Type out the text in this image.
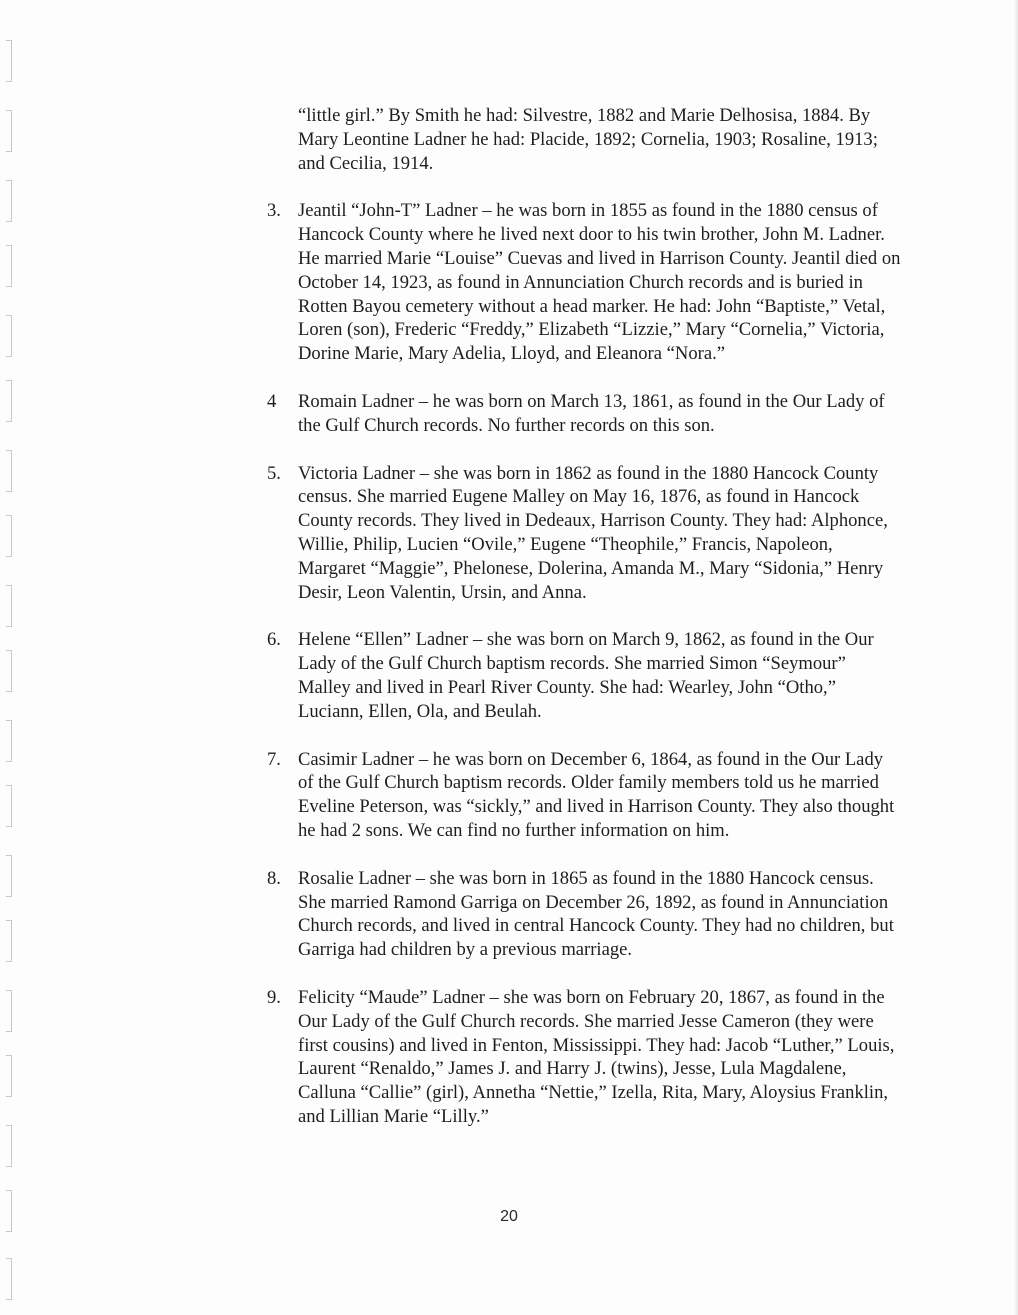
“little girl.” By Smith he had: Silvestre, 1882 and Marie Delhosisa, 1884. By Mary Leontine Ladner he had: Placide, 1892; Cornelia, 1903; Rosaline, 1913; and Cecilia, 1914.

3. Jeantil “John-T” Ladner – he was born in 1855 as found in the 1880 census of Hancock County where he lived next door to his twin brother, John M. Ladner. He married Marie “Louise” Cuevas and lived in Harrison County. Jeantil died on October 14, 1923, as found in Annunciation Church records and is buried in Rotten Bayou cemetery without a head marker. He had: John “Baptiste,” Vetal, Loren (son), Frederic “Freddy,” Elizabeth “Lizzie,” Mary “Cornelia,” Victoria, Dorine Marie, Mary Adelia, Lloyd, and Eleanora “Nora.”
4 Romain Ladner – he was born on March 13, 1861, as found in the Our Lady of the Gulf Church records. No further records on this son.
5. Victoria Ladner – she was born in 1862 as found in the 1880 Hancock County census. She married Eugene Malley on May 16, 1876, as found in Hancock County records. They lived in Dedeaux, Harrison County. They had: Alphonce, Willie, Philip, Lucien “Ovile,” Eugene “Theophile,” Francis, Napoleon, Margaret “Maggie”, Phelonese, Dolerina, Amanda M., Mary “Sidonia,” Henry Desir, Leon Valentin, Ursin, and Anna.
6. Helene “Ellen” Ladner – she was born on March 9, 1862, as found in the Our Lady of the Gulf Church baptism records. She married Simon “Seymour” Malley and lived in Pearl River County. She had: Wearley, John “Otho,” Luciann, Ellen, Ola, and Beulah.
7. Casimir Ladner – he was born on December 6, 1864, as found in the Our Lady of the Gulf Church baptism records. Older family members told us he married Eveline Peterson, was “sickly,” and lived in Harrison County. They also thought he had 2 sons. We can find no further information on him.
8. Rosalie Ladner – she was born in 1865 as found in the 1880 Hancock census. She married Ramond Garriga on December 26, 1892, as found in Annunciation Church records, and lived in central Hancock County. They had no children, but Garriga had children by a previous marriage.
9. Felicity “Maude” Ladner – she was born on February 20, 1867, as found in the Our Lady of the Gulf Church records. She married Jesse Cameron (they were first cousins) and lived in Fenton, Mississippi. They had: Jacob “Luther,” Louis, Laurent “Renaldo,” James J. and Harry J. (twins), Jesse, Lula Magdalene, Calluna “Callie” (girl), Annetha “Nettie,” Izella, Rita, Mary, Aloysius Franklin, and Lillian Marie “Lilly.”
20
